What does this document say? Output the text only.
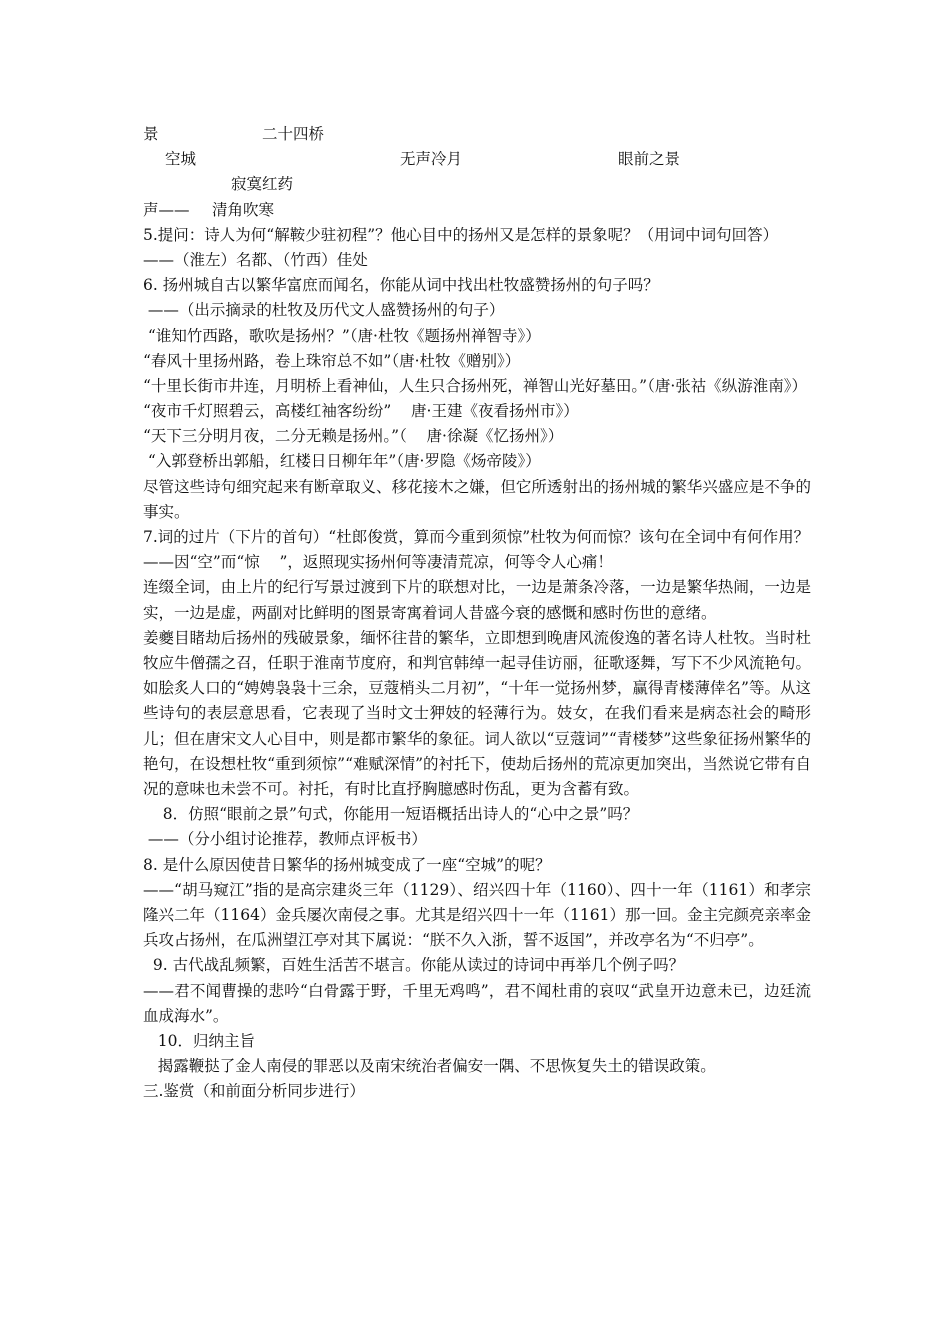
景	二十四桥
空城	无声冷月	眼前之景
寂寞红药
声—— 清角吹寒
5.提问：诗人为何“解鞍少驻初程”？他心目中的扬州又是怎样的景象呢？（用词中词句回答）
——（淮左）名都、（竹西）佳处
6. 扬州城自古以繁华富庶而闻名，你能从词中找出杜牧盛赞扬州的句子吗？
——（出示摘录的杜牧及历代文人盛赞扬州的句子）
“谁知竹西路，歌吹是扬州？”（唐·杜牧《题扬州禅智寺》）
“春风十里扬州路，卷上珠帘总不如”（唐·杜牧《赠别》）
“十里长街市井连，月明桥上看神仙，人生只合扬州死，禅智山光好墓田。”（唐·张祜《纵游淮南》）
“夜市千灯照碧云，高楼红袖客纷纷”    唐·王建《夜看扬州市》）
“天下三分明月夜，二分无赖是扬州。”（    唐·徐凝《忆扬州》）
“入郭登桥出郭船，红楼日日柳年年”（唐·罗隐《炀帝陵》）
尽管这些诗句细究起来有断章取义、移花接木之嫌，但它所透射出的扬州城的繁华兴盛应是不争的事实。
7.词的过片（下片的首句）“杜郎俊赏，算而今重到须惊”杜牧为何而惊？该句在全词中有何作用？
——因“空”而“惊    ”，返照现实扬州何等凄清荒凉，何等令人心痛！
连缀全词，由上片的纪行写景过渡到下片的联想对比，一边是萧条冷落，一边是繁华热闹，一边是实，一边是虚，两副对比鲜明的图景寄寓着词人昔盛今衰的感慨和感时伤世的意绪。
姜夔目睹劫后扬州的残破景象，缅怀往昔的繁华，立即想到晚唐风流俊逸的著名诗人杜牧。当时杜牧应牛僧孺之召，任职于淮南节度府，和判官韩绰一起寻佳访丽，征歌逐舞，写下不少风流艳句。如脍炙人口的“娉娉袅袅十三余，豆蔻梢头二月初”，“十年一觉扬州梦，赢得青楼薄倖名”等。从这些诗句的表层意思看，它表现了当时文士狎妓的轻薄行为。妓女，在我们看来是病态社会的畸形儿；但在唐宋文人心目中，则是都市繁华的象征。词人欲以“豆蔻词”“青楼梦”这些象征扬州繁华的艳句，在设想杜牧“重到须惊”“难赋深情”的衬托下，使劫后扬州的荒凉更加突出，当然说它带有自况的意味也未尝不可。衬托，有时比直抒胸臆感时伤乱，更为含蓄有致。
8．仿照“眼前之景”句式，你能用一短语概括出诗人的“心中之景”吗？
——（分小组讨论推荐，教师点评板书）
8. 是什么原因使昔日繁华的扬州城变成了一座“空城”的呢？
——“胡马窥江”指的是高宗建炎三年（1129）、绍兴四十年（1160）、四十一年（1161）和孝宗隆兴二年（1164）金兵屡次南侵之事。尤其是绍兴四十一年（1161）那一回。金主完颜亮亲率金兵攻占扬州，在瓜洲望江亭对其下属说：“朕不久入浙，誓不返国”，并改亭名为“不归亭”。
9. 古代战乱频繁，百姓生活苦不堪言。你能从读过的诗词中再举几个例子吗？
——君不闻曹操的悲吟“白骨露于野，千里无鸡鸣”，君不闻杜甫的哀叹“武皇开边意未已，边廷流血成海水”。
10．归纳主旨
揭露鞭挞了金人南侵的罪恶以及南宋统治者偏安一隅、不思恢复失土的错误政策。
三.鉴赏（和前面分析同步进行）
